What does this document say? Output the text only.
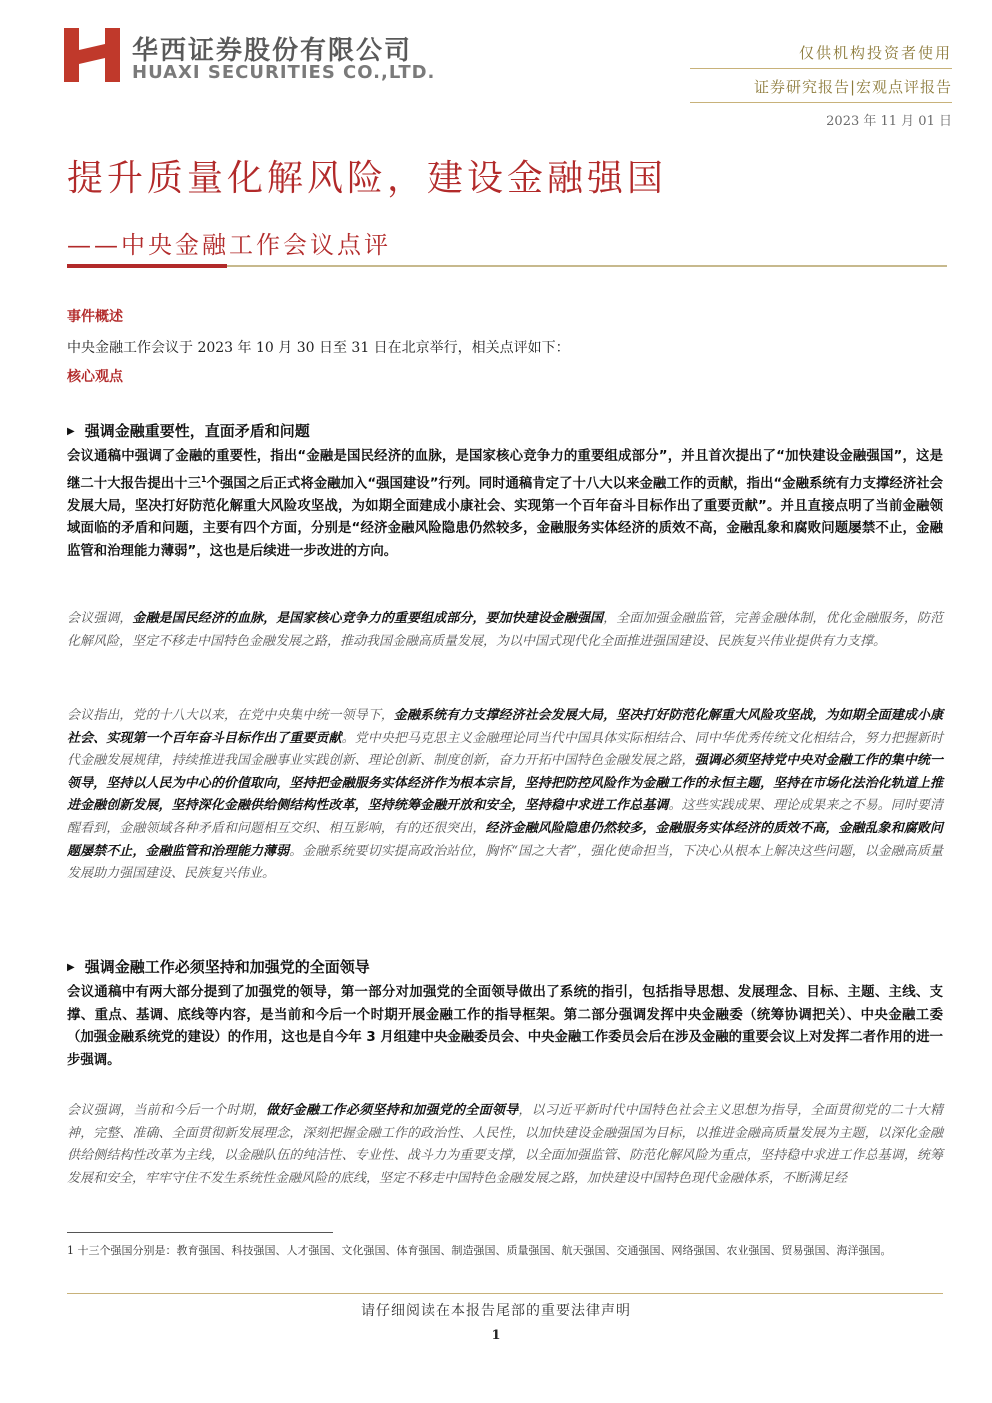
华西证券股份有限公司
HUAXI SECURITIES CO.,LTD.
仅供机构投资者使用
证券研究报告|宏观点评报告
2023 年 11 月 01 日
提升质量化解风险，建设金融强国
——中央金融工作会议点评
事件概述
中央金融工作会议于 2023 年 10 月 30 日至 31 日在北京举行，相关点评如下：
核心观点
▶ 强调金融重要性，直面矛盾和问题
会议通稿中强调了金融的重要性，指出“金融是国民经济的血脉，是国家核心竞争力的重要组成部分”，并且首次提出了“加快建设金融强国”，这是继二十大报告提出十三$^1$个强国之后正式将金融加入“强国建设”行列。同时通稿肯定了十八大以来金融工作的贡献，指出“金融系统有力支撑经济社会发展大局，坚决打好防范化解重大风险攻坚战，为如期全面建成小康社会、实现第一个百年奋斗目标作出了重要贡献”。并且直接点明了当前金融领域面临的矛盾和问题，主要有四个方面，分别是“经济金融风险隐患仍然较多，金融服务实体经济的质效不高，金融乱象和腐败问题屡禁不止，金融监管和治理能力薄弱”，这也是后续进一步改进的方向。
会议强调，金融是国民经济的血脉，是国家核心竞争力的重要组成部分，要加快建设金融强国，全面加强金融监管，完善金融体制，优化金融服务，防范化解风险，坚定不移走中国特色金融发展之路，推动我国金融高质量发展，为以中国式现代化全面推进强国建设、民族复兴伟业提供有力支撑。
会议指出，党的十八大以来，在党中央集中统一领导下，金融系统有力支撑经济社会发展大局，坚决打好防范化解重大风险攻坚战，为如期全面建成小康社会、实现第一个百年奋斗目标作出了重要贡献。党中央把马克思主义金融理论同当代中国具体实际相结合、同中华优秀传统文化相结合，努力把握新时代金融发展规律，持续推进我国金融事业实践创新、理论创新、制度创新，奋力开拓中国特色金融发展之路，强调必须坚持党中央对金融工作的集中统一领导，坚持以人民为中心的价值取向，坚持把金融服务实体经济作为根本宗旨，坚持把防控风险作为金融工作的永恒主题，坚持在市场化法治化轨道上推进金融创新发展，坚持深化金融供给侧结构性改革，坚持统筹金融开放和安全，坚持稳中求进工作总基调。这些实践成果、理论成果来之不易。同时要清醒看到，金融领域各种矛盾和问题相互交织、相互影响，有的还很突出，经济金融风险隐患仍然较多，金融服务实体经济的质效不高，金融乱象和腐败问题屡禁不止，金融监管和治理能力薄弱。金融系统要切实提高政治站位，胸怀“国之大者”，强化使命担当，下决心从根本上解决这些问题，以金融高质量发展助力强国建设、民族复兴伟业。
▶ 强调金融工作必须坚持和加强党的全面领导
会议通稿中有两大部分提到了加强党的领导，第一部分对加强党的全面领导做出了系统的指引，包括指导思想、发展理念、目标、主题、主线、支撑、重点、基调、底线等内容，是当前和今后一个时期开展金融工作的指导框架。第二部分强调发挥中央金融委（统筹协调把关）、中央金融工委（加强金融系统党的建设）的作用，这也是自今年 3 月组建中央金融委员会、中央金融工作委员会后在涉及金融的重要会议上对发挥二者作用的进一步强调。
会议强调，当前和今后一个时期，做好金融工作必须坚持和加强党的全面领导，以习近平新时代中国特色社会主义思想为指导，全面贯彻党的二十大精神，完整、准确、全面贯彻新发展理念，深刻把握金融工作的政治性、人民性，以加快建设金融强国为目标，以推进金融高质量发展为主题，以深化金融供给侧结构性改革为主线，以金融队伍的纯洁性、专业性、战斗力为重要支撑，以全面加强监管、防范化解风险为重点，坚持稳中求进工作总基调，统筹发展和安全，牢牢守住不发生系统性金融风险的底线，坚定不移走中国特色金融发展之路，加快建设中国特色现代金融体系，不断满足经
1 十三个强国分别是：教育强国、科技强国、人才强国、文化强国、体育强国、制造强国、质量强国、航天强国、交通强国、网络强国、农业强国、贸易强国、海洋强国。
请仔细阅读在本报告尾部的重要法律声明
1
